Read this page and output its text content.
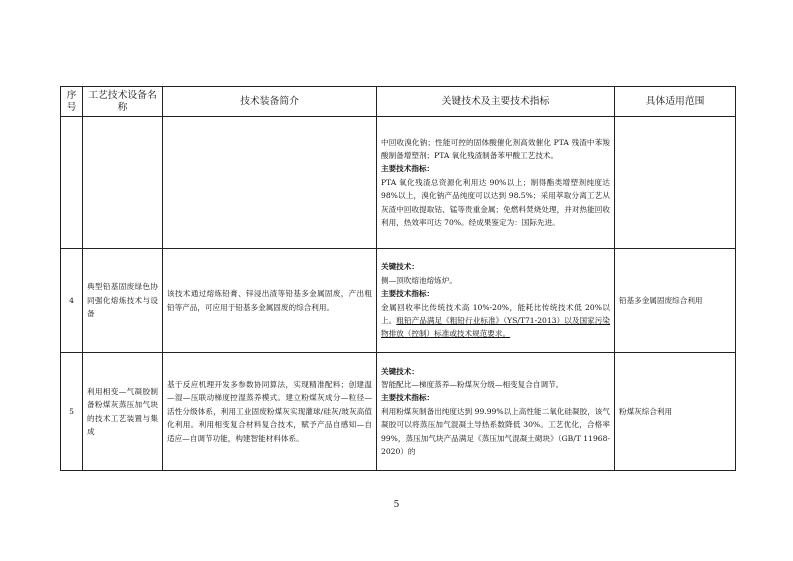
序号	工艺技术设备名称	技术装备简介	关键技术及主要技术指标	具体适用范围
			中回收溴化钠；性能可控的固体酸催化剂高效催化 PTA 残渣中苯羧酸制备增塑剂；PTA 氧化残渣制备苯甲酸工艺技术。
主要技术指标：
PTA 氧化残渣总资源化利用达 90%以上；制得酯类增塑剂纯度达 98%以上，溴化钠产品纯度可以达到 98.5%；采用萃取分离工艺从灰渣中回收提取钴、锰等贵重金属；免燃料焚烧处理，并对热能回收利用，热效率可达 70%。经成果鉴定为：国际先进。	
4	典型铅基固废绿色协同强化熔炼技术与设备	该技术通过熔炼铅膏、锌浸出渣等铅基多金属固废，产出粗铅等产品，可应用于铅基多金属固废的综合利用。	关键技术：
侧—顶吹熔池熔炼炉。
主要技术指标：
金属回收率比传统技术高 10%-20%，能耗比传统技术低 20%以上。粗铅产品满足《粗铅行业标准》（YS/T71-2013）以及国家污染物排放（控制）标准或技术规范要求。	铅基多金属固废综合利用
5	利用相变—气凝胶制备粉煤灰蒸压加气块的技术工艺装置与集成	基于反应机理开发多参数协同算法，实现精准配料；创建温—湿—压联动梯度控湿蒸养模式。建立粉煤灰成分—粒径—活性分级体系，利用工业固废粉煤灰实现灌球/硅灰/玻灰高值化利用。利用相变复合材料复合技术，赋予产品自感知—自适应—自调节功能，构建智能材料体系。	关键技术：
智能配比—梯度蒸养—粉煤灰分级—相变复合自调节。
主要技术指标：
利用粉煤灰制备出纯度达到 99.99%以上高性能二氧化硅凝胶，该气凝胶可以将蒸压加气混凝土导热系数降低 30%。工艺优化，合格率 99%，蒸压加气块产品满足《蒸压加气混凝土砌块》（GB/T 11968-2020）的	粉煤灰综合利用
5
